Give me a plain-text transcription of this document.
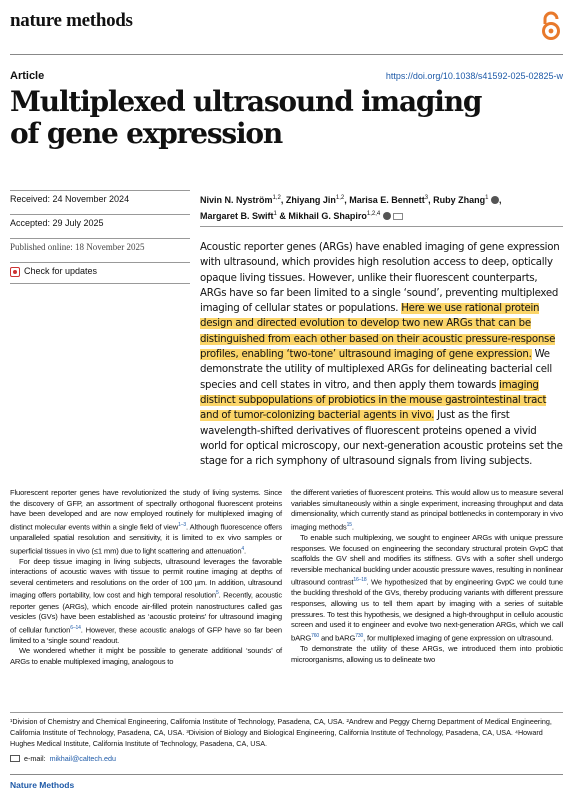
nature methods
Article	https://doi.org/10.1038/s41592-025-02825-w
Multiplexed ultrasound imaging of gene expression
Received: 24 November 2024
Accepted: 29 July 2025
Published online: 18 November 2025
Check for updates
Nivin N. Nyström$^{1,2}$, Zhiyang Jin$^{1,2}$, Marisa E. Bennett$^3$, Ruby Zhang$^1$ , Margaret B. Swift$^1$ & Mikhail G. Shapiro$^{1,2,4}$
Acoustic reporter genes (ARGs) have enabled imaging of gene expression with ultrasound, which provides high resolution access to deep, optically opaque living tissues. However, unlike their fluorescent counterparts, ARGs have so far been limited to a single ‘sound’, preventing multiplexed imaging of cellular states or populations. Here we use rational protein design and directed evolution to develop two new ARGs that can be distinguished from each other based on their acoustic pressure-response profiles, enabling ‘two-tone’ ultrasound imaging of gene expression. We demonstrate the utility of multiplexed ARGs for delineating bacterial cell species and cell states in vitro, and then apply them towards imaging distinct subpopulations of probiotics in the mouse gastrointestinal tract and of tumor-colonizing bacterial agents in vivo. Just as the first wavelength-shifted derivatives of fluorescent proteins opened a vivid world for optical microscopy, our next-generation acoustic proteins set the stage for a rich symphony of ultrasound signals from living subjects.

Fluorescent reporter genes have revolutionized the study of living systems. Since the discovery of GFP, an assortment of spectrally orthogonal fluorescent proteins have been developed and are now employed routinely for multiplexed imaging of distinct molecular events within a single field of view$^{1-3}$. Although fluorescence offers unparalleled spatial resolution and sensitivity, it is limited to ex vivo samples or superficial tissues in vivo (≤1 mm) due to light scattering and attenuation$^4$.

For deep tissue imaging in living subjects, ultrasound leverages the favorable interactions of acoustic waves with tissue to permit routine imaging at depths of several centimeters and resolutions on the order of 100 µm. In addition, ultrasound imaging offers portability, low cost and high temporal resolution$^5$. Recently, acoustic reporter genes (ARGs), which encode air-filled protein nanostructures called gas vesicles (GVs) have been established as ‘acoustic proteins’ for ultrasound imaging of cellular function$^{6-14}$. However, these acoustic analogs of GFP have so far been limited to a ‘single sound’ readout.

We wondered whether it might be possible to generate additional ‘sounds’ of ARGs to enable multiplexed imaging, analogous to

the different varieties of fluorescent proteins. This would allow us to measure several variables simultaneously within a single experiment, increasing throughput and data dimensionality, which currently stand as principal bottlenecks in contemporary in vivo imaging methods$^{15}$.

To enable such multiplexing, we sought to engineer ARGs with unique pressure responses. We focused on engineering the secondary structural protein GvpC that scaffolds the GV shell and modifies its stiffness. GVs with a softer shell undergo reversible mechanical buckling under acoustic pressure waves, resulting in nonlinear ultrasound contrast$^{16-18}$. We hypothesized that by engineering GvpC we could tune the buckling threshold of the GVs, thereby producing variants with different pressure responses, allowing us to tell them apart by imaging with a series of suitable pressures. To test this hypothesis, we designed a high-throughput in cellulo acoustic screen and used it to engineer and evolve two next-generation ARGs, which we call bARG$^{760}$ and bARG$^{730}$, for multiplexed imaging of gene expression on ultrasound.

To demonstrate the utility of these ARGs, we introduced them into probiotic microorganisms, allowing us to delineate two

¹Division of Chemistry and Chemical Engineering, California Institute of Technology, Pasadena, CA, USA. ²Andrew and Peggy Cherng Department of Medical Engineering, California Institute of Technology, Pasadena, CA, USA. ³Division of Biology and Biological Engineering, California Institute of Technology, Pasadena, CA, USA. ⁴Howard Hughes Medical Institute, California Institute of Technology, Pasadena, CA, USA.
e-mail: mikhail@caltech.edu
Nature Methods
